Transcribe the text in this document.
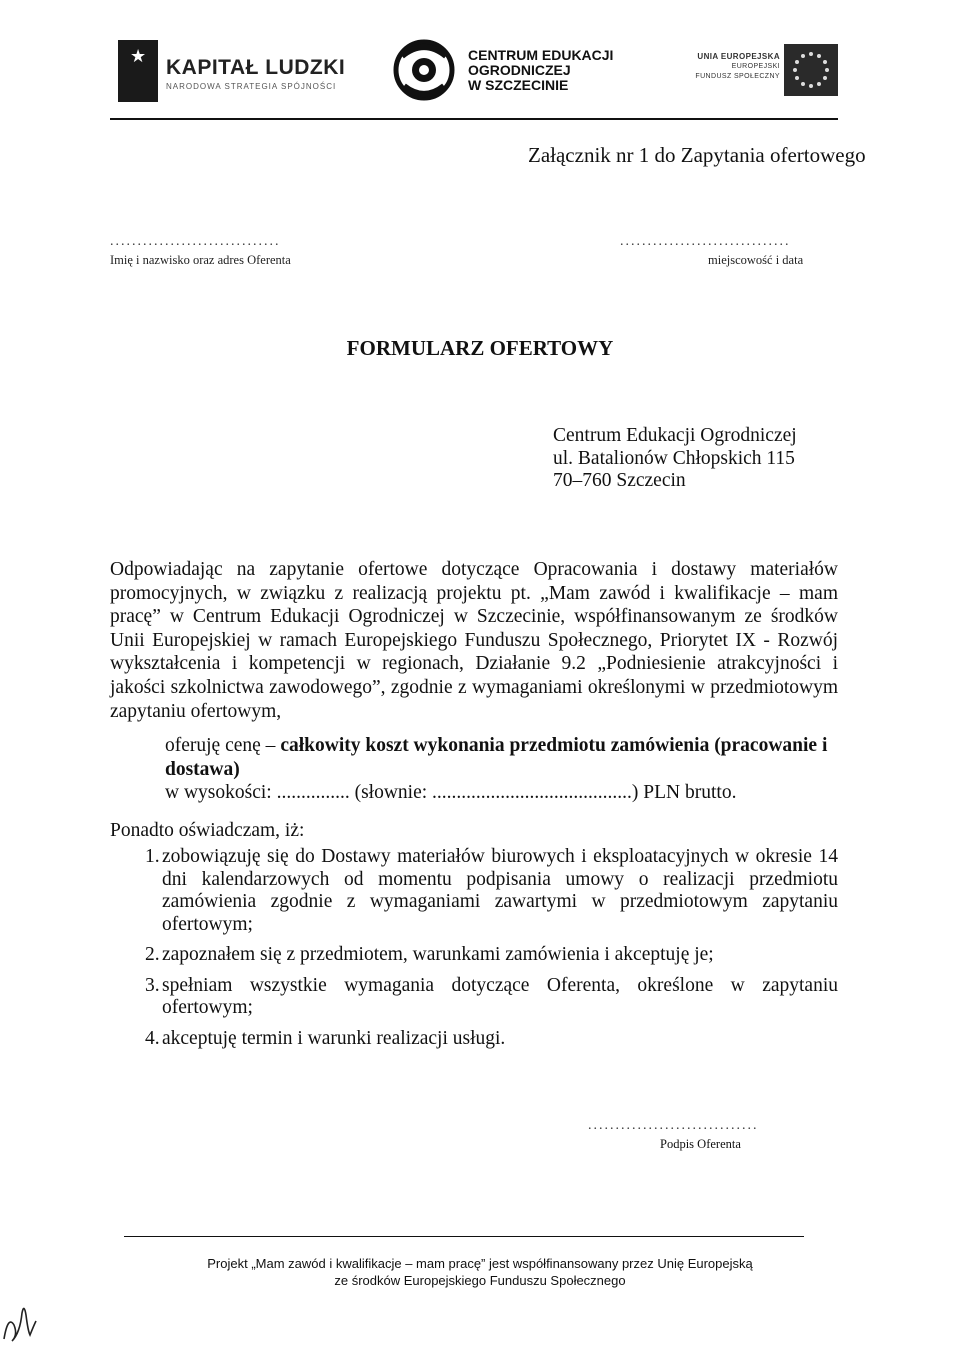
★ KAPITAŁ LUDZKI
NARODOWA STRATEGIA SPÓJNOŚCI
CENTRUM EDUKACJI
OGRODNICZEJ
W SZCZECINIE
UNIA EUROPEJSKA
EUROPEJSKI
FUNDUSZ SPOŁECZNY
Załącznik nr 1 do Zapytania ofertowego
...............................
Imię i nazwisko oraz adres Oferenta
...............................
miejscowość i data
FORMULARZ OFERTOWY
Centrum Edukacji Ogrodniczej
ul. Batalionów Chłopskich 115
70–760 Szczecin
Odpowiadając na zapytanie ofertowe dotyczące Opracowania i dostawy materiałów promocyjnych, w związku z realizacją projektu pt. „Mam zawód i kwalifikacje – mam pracę” w Centrum Edukacji Ogrodniczej w Szczecinie, współfinansowanym ze środków Unii Europejskiej w ramach Europejskiego Funduszu Społecznego, Priorytet IX - Rozwój wykształcenia i kompetencji w regionach, Działanie 9.2 „Podniesienie atrakcyjności i jakości szkolnictwa zawodowego”, zgodnie z wymaganiami określonymi w przedmiotowym zapytaniu ofertowym,
oferuję cenę – całkowity koszt wykonania przedmiotu zamówienia (pracowanie i dostawa)
w wysokości: ............... (słownie: .........................................) PLN brutto.
Ponadto oświadczam, iż:
1. zobowiązuję się do Dostawy materiałów biurowych i eksploatacyjnych w okresie 14 dni kalendarzowych od momentu podpisania umowy o realizacji przedmiotu zamówienia zgodnie z wymaganiami zawartymi w przedmiotowym zapytaniu ofertowym;
2. zapoznałem się z przedmiotem, warunkami zamówienia i akceptuję je;
3. spełniam wszystkie wymagania dotyczące Oferenta, określone w zapytaniu ofertowym;
4. akceptuję termin i warunki realizacji usługi.
...............................
Podpis Oferenta
Projekt „Mam zawód i kwalifikacje – mam pracę” jest współfinansowany przez Unię Europejską
ze środków Europejskiego Funduszu Społecznego
